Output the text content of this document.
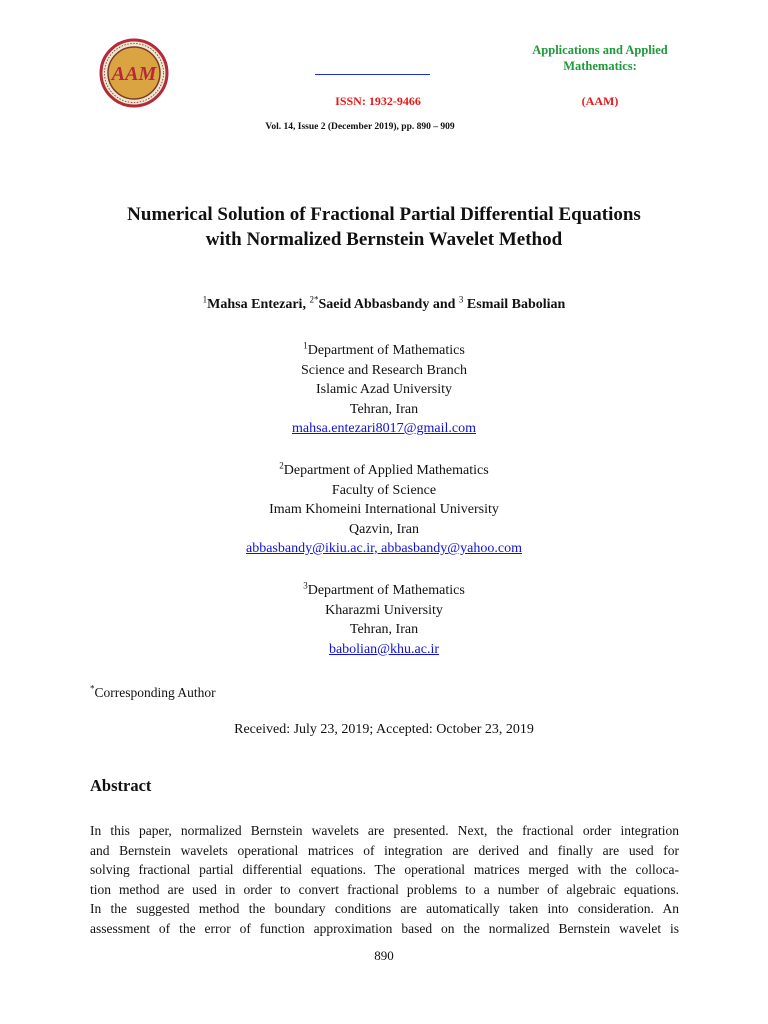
AAM
ISSN: 1932-9466
Applications and Applied
Mathematics:
(AAM)
Vol. 14, Issue 2 (December 2019), pp. 890 – 909
Numerical Solution of Fractional Partial Differential Equations
with Normalized Bernstein Wavelet Method
$^1$Mahsa Entezari, $^{2*}$Saeid Abbasbandy and $^3$ Esmail Babolian
$^1$Department of Mathematics
Science and Research Branch
Islamic Azad University
Tehran, Iran
mahsa.entezari8017@gmail.com
$^2$Department of Applied Mathematics
Faculty of Science
Imam Khomeini International University
Qazvin, Iran
abbasbandy@ikiu.ac.ir, abbasbandy@yahoo.com
$^3$Department of Mathematics
Kharazmi University
Tehran, Iran
babolian@khu.ac.ir
*Corresponding Author
Received: July 23, 2019; Accepted: October 23, 2019
Abstract
In this paper, normalized Bernstein wavelets are presented. Next, the fractional order integration
and Bernstein wavelets operational matrices of integration are derived and finally are used for
solving fractional partial differential equations. The operational matrices merged with the colloca-
tion method are used in order to convert fractional problems to a number of algebraic equations.
In the suggested method the boundary conditions are automatically taken into consideration. An
assessment of the error of function approximation based on the normalized Bernstein wavelet is
890
